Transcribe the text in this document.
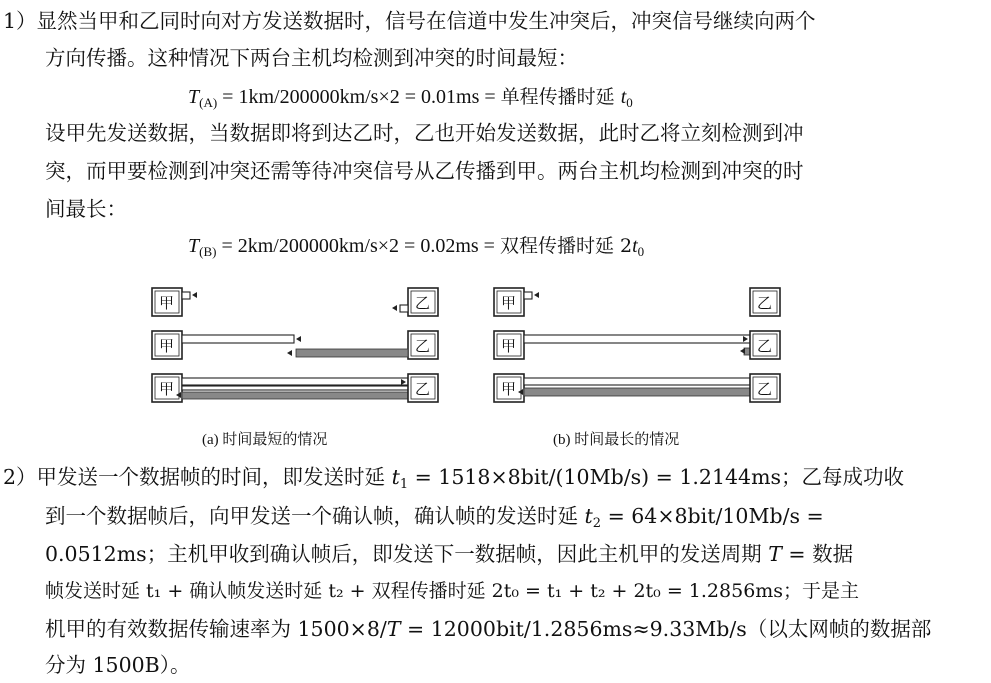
1）显然当甲和乙同时向对方发送数据时，信号在信道中发生冲突后，冲突信号继续向两个
方向传播。这种情况下两台主机均检测到冲突的时间最短：
$T_{(A)} = 1km/200000km/s\times 2 = 0.01ms$ = 单程传播时延 $t_0$
设甲先发送数据，当数据即将到达乙时，乙也开始发送数据，此时乙将立刻检测到冲
突，而甲要检测到冲突还需等待冲突信号从乙传播到甲。两台主机均检测到冲突的时
间最长：
$T_{(B)} = 2km/200000km/s\times 2 = 0.02ms$ = 双程传播时延 $2t_0$
甲	乙
甲	乙
甲	乙
甲	乙
甲	乙
甲	乙
(a) 时间最短的情况	(b) 时间最长的情况
2）甲发送一个数据帧的时间，即发送时延 $t_1 = 1518\times 8bit/(10Mb/s) = 1.2144ms$；乙每成功收
到一个数据帧后，向甲发送一个确认帧，确认帧的发送时延 $t_2 = 64\times 8bit/10Mb/s$ =
0.0512ms；主机甲收到确认帧后，即发送下一数据帧，因此主机甲的发送周期 T = 数据
帧发送时延 t₁ + 确认帧发送时延 t₂ + 双程传播时延 2t₀ = t₁ + t₂ + 2t₀ = 1.2856ms；于是主
机甲的有效数据传输速率为 1500×8/T = 12000bit/1.2856ms≈9.33Mb/s（以太网帧的数据部
分为 1500B）。
